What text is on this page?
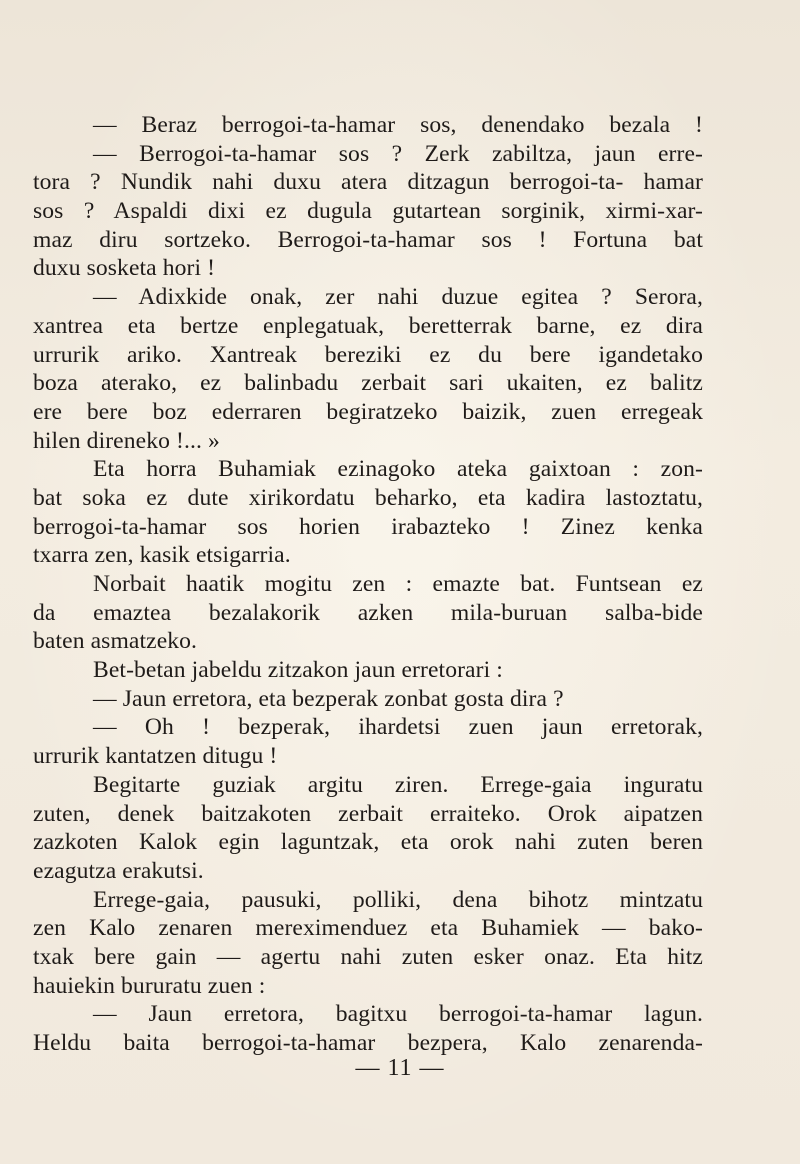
— Beraz berrogoi-ta-hamar sos, denendako bezala !
— Berrogoi-ta-hamar sos ? Zerk zabiltza, jaun erre-
tora ? Nundik nahi duxu atera ditzagun berrogoi-ta- hamar
sos ? Aspaldi dixi ez dugula gutartean sorginik, xirmi-xar-
maz diru sortzeko. Berrogoi-ta-hamar sos ! Fortuna bat
duxu sosketa hori !
— Adixkide onak, zer nahi duzue egitea ? Serora,
xantrea eta bertze enplegatuak, beretterrak barne, ez dira
urrurik ariko. Xantreak bereziki ez du bere igandetako
boza aterako, ez balinbadu zerbait sari ukaiten, ez balitz
ere bere boz ederraren begiratzeko baizik, zuen erregeak
hilen direneko !... »
Eta horra Buhamiak ezinagoko ateka gaixtoan : zon-
bat soka ez dute xirikordatu beharko, eta kadira lastoztatu,
berrogoi-ta-hamar sos horien irabazteko ! Zinez kenka
txarra zen, kasik etsigarria.
Norbait haatik mogitu zen : emazte bat. Funtsean ez
da emaztea bezalakorik azken mila-buruan salba-bide
baten asmatzeko.
Bet-betan jabeldu zitzakon jaun erretorari :
— Jaun erretora, eta bezperak zonbat gosta dira ?
— Oh ! bezperak, ihardetsi zuen jaun erretorak,
urrurik kantatzen ditugu !
Begitarte guziak argitu ziren. Errege-gaia inguratu
zuten, denek baitzakoten zerbait erraiteko. Orok aipatzen
zazkoten Kalok egin laguntzak, eta orok nahi zuten beren
ezagutza erakutsi.
Errege-gaia, pausuki, polliki, dena bihotz mintzatu
zen Kalo zenaren mereximenduez eta Buhamiek — bako-
txak bere gain — agertu nahi zuten esker onaz. Eta hitz
hauiekin bururatu zuen :
— Jaun erretora, bagitxu berrogoi-ta-hamar lagun.
Heldu baita berrogoi-ta-hamar bezpera, Kalo zenarenda-
— 11 —
